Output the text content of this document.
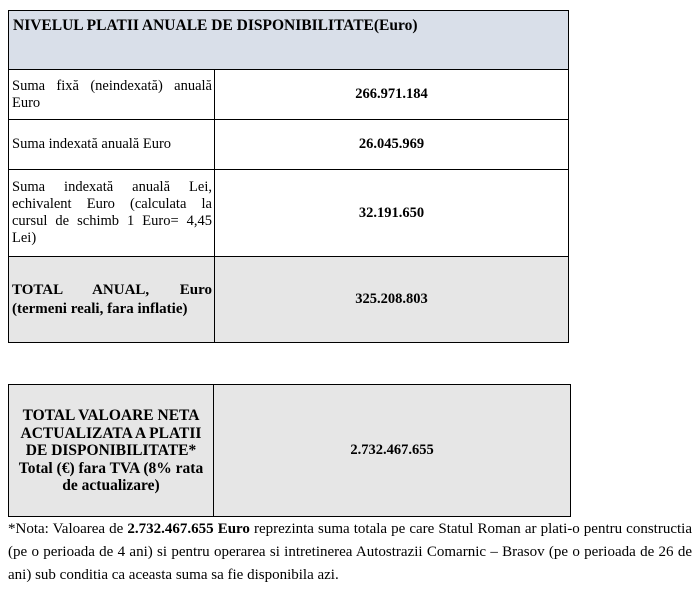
NIVELUL PLATII ANUALE DE DISPONIBILITATE(Euro)	
Suma fixă (neindexată) anuală Euro	266.971.184
Suma indexată anuală Euro	26.045.969
Suma indexată anuală Lei, echivalent Euro (calculata la cursul de schimb 1 Euro= 4,45 Lei)	32.191.650
TOTAL ANUAL, Euro (termeni reali, fara inflatie)	325.208.803
TOTAL VALOARE NETA ACTUALIZATA A PLATII DE DISPONIBILITATE* Total (€) fara TVA (8% rata de actualizare)	2.732.467.655
*Nota: Valoarea de 2.732.467.655 Euro reprezinta suma totala pe care Statul Roman ar plati-o pentru constructia (pe o perioada de 4 ani) si pentru operarea si intretinerea Autostrazii Comarnic – Brasov (pe o perioada de 26 de ani) sub conditia ca aceasta suma sa fie disponibila azi.
